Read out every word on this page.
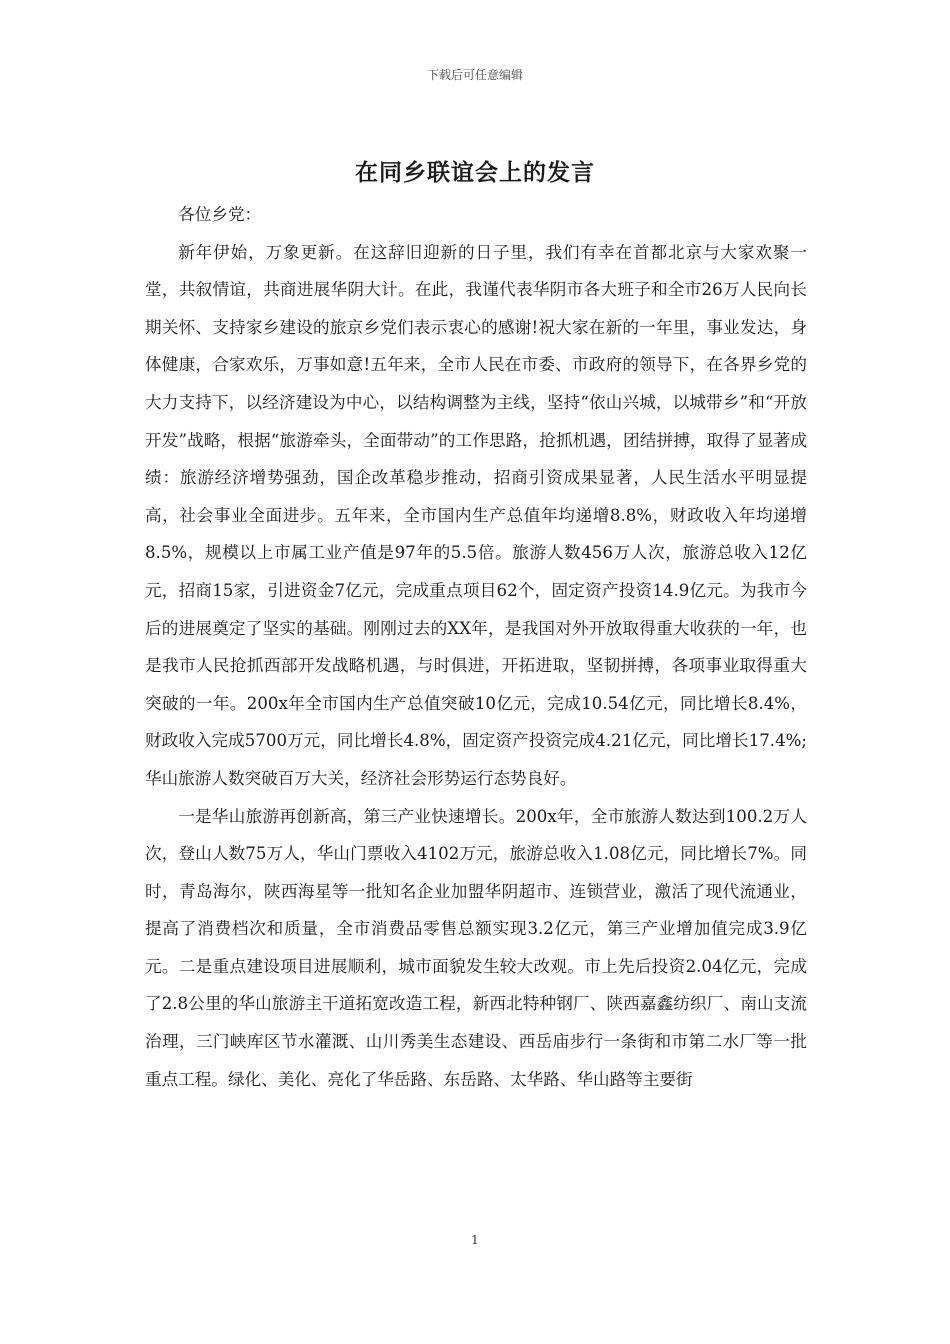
下载后可任意编辑
在同乡联谊会上的发言

各位乡党：

新年伊始，万象更新。在这辞旧迎新的日子里，我们有幸在首都北京与大家欢聚一堂，共叙情谊，共商进展华阴大计。在此，我谨代表华阴市各大班子和全市26万人民向长期关怀、支持家乡建设的旅京乡党们表示衷心的感谢!祝大家在新的一年里，事业发达，身体健康，合家欢乐，万事如意!五年来，全市人民在市委、市政府的领导下，在各界乡党的大力支持下，以经济建设为中心，以结构调整为主线，坚持“依山兴城，以城带乡”和“开放开发”战略，根据“旅游牵头，全面带动”的工作思路，抢抓机遇，团结拼搏，取得了显著成绩：旅游经济增势强劲，国企改革稳步推动，招商引资成果显著，人民生活水平明显提高，社会事业全面进步。五年来，全市国内生产总值年均递增8.8%，财政收入年均递增8.5%，规模以上市属工业产值是97年的5.5倍。旅游人数456万人次，旅游总收入12亿元，招商15家，引进资金7亿元，完成重点项目62个，固定资产投资14.9亿元。为我市今后的进展奠定了坚实的基础。刚刚过去的XX年，是我国对外开放取得重大收获的一年，也是我市人民抢抓西部开发战略机遇，与时俱进，开拓进取，坚韧拼搏，各项事业取得重大突破的一年。200x年全市国内生产总值突破10亿元，完成10.54亿元，同比增长8.4%，财政收入完成5700万元，同比增长4.8%，固定资产投资完成4.21亿元，同比增长17.4%;华山旅游人数突破百万大关，经济社会形势运行态势良好。

一是华山旅游再创新高，第三产业快速增长。200x年，全市旅游人数达到100.2万人次，登山人数75万人，华山门票收入4102万元，旅游总收入1.08亿元，同比增长7%。同时，青岛海尔，陕西海星等一批知名企业加盟华阴超市、连锁营业，激活了现代流通业，提高了消费档次和质量，全市消费品零售总额实现3.2亿元，第三产业增加值完成3.9亿元。二是重点建设项目进展顺利，城市面貌发生较大改观。市上先后投资2.04亿元，完成了2.8公里的华山旅游主干道拓宽改造工程，新西北特种钢厂、陕西嘉鑫纺织厂、南山支流治理，三门峡库区节水灌溉、山川秀美生态建设、西岳庙步行一条街和市第二水厂等一批重点工程。绿化、美化、亮化了华岳路、东岳路、太华路、华山路等主要街

1
